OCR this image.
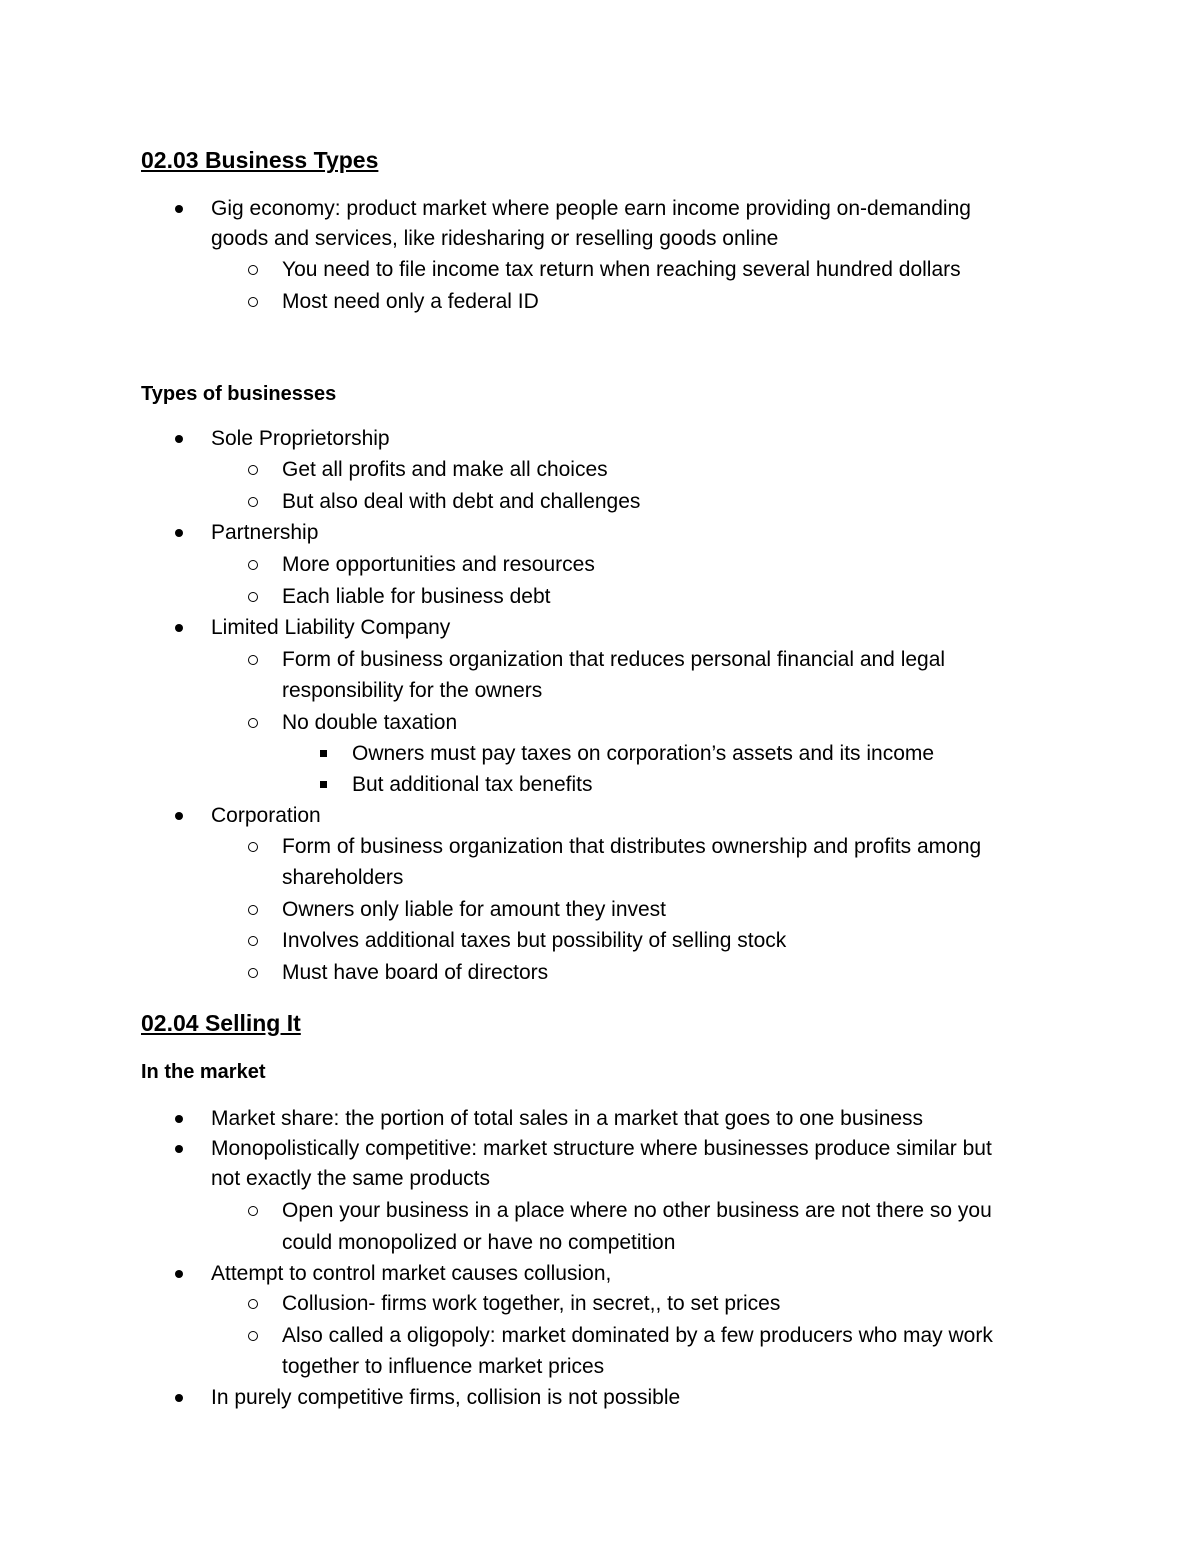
02.03 Business Types
Gig economy: product market where people earn income providing on-demanding
goods and services, like ridesharing or reselling goods online
You need to file income tax return when reaching several hundred dollars
Most need only a federal ID
Types of businesses
Sole Proprietorship
Get all profits and make all choices
But also deal with debt and challenges
Partnership
More opportunities and resources
Each liable for business debt
Limited Liability Company
Form of business organization that reduces personal financial and legal
responsibility for the owners
No double taxation
Owners must pay taxes on corporation’s assets and its income
But additional tax benefits
Corporation
Form of business organization that distributes ownership and profits among
shareholders
Owners only liable for amount they invest
Involves additional taxes but possibility of selling stock
Must have board of directors
02.04 Selling It
In the market
Market share: the portion of total sales in a market that goes to one business
Monopolistically competitive: market structure where businesses produce similar but
not exactly the same products
Open your business in a place where no other business are not there so you
could monopolized or have no competition
Attempt to control market causes collusion,
Collusion- firms work together, in secret,, to set prices
Also called a oligopoly: market dominated by a few producers who may work
together to influence market prices
In purely competitive firms, collision is not possible
